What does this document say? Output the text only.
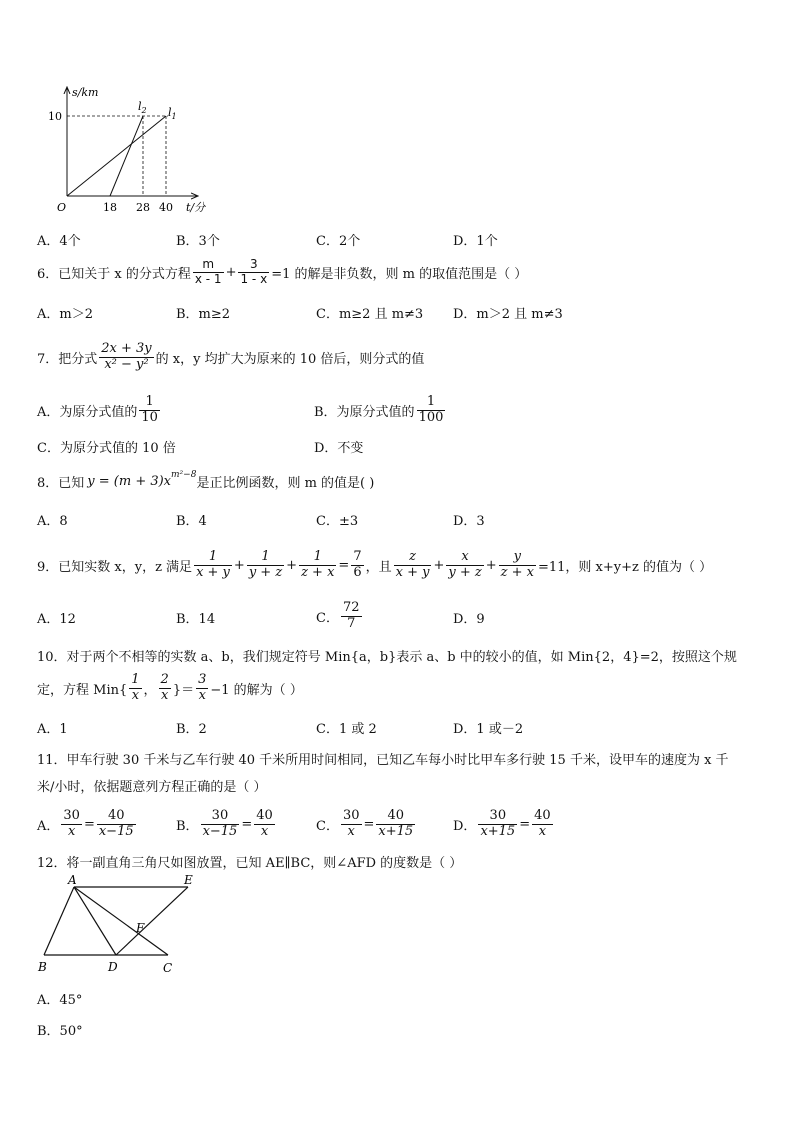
s/km
10
O	18 28 40 t/分
$l_2$ $l_1$
A．4个	B．3个	C．2个	D．1个
6．已知关于 x 的分式方程 $\frac{m}{x - 1} + \frac{3}{1 - x} =1$ 的解是非负数，则 m 的取值范围是（ ）
A．m＞2	B．m≥2	C．m≥2 且 m≠3 D．m＞2 且 m≠3
7．把分式 $\frac{2x + 3y}{\text{x² − y²}}$ 的 x，y 均扩大为原来的 10 倍后，则分式的值
A．为原分式值的 $\frac{1}{10}$	B．为原分式值的 $\frac{1}{100}$
C．为原分式值的 10 倍	D．不变
8．已知 $y = (m + 3)x^{m^2-8}$
是正比例函数，则 m 的值是( )
A．8	B．4	C．±3	D．3
9．已知实数 x，y，z 满足 $\frac{1}{x + y} + \frac{1}{y + z} + \frac{1}{z + x} = \frac{7}{6}$ ，且 $\frac{z}{x + y} + \frac{x}{y + z} + \frac{y}{z + x} =11$，则 x+y+z 的值为（ ）
A．12	B．14	C． $\frac{72}{7}$	D．9
10．对于两个不相等的实数 a、b，我们规定符号 Min{a，b}表示 a、b 中的较小的值，如 Min{2，4}=2，按照这个规
定，方程 $Min\{ \frac{1}{x}$ ， $\frac{2}{x}$ }＝ $\frac{3}{x} -1$ 的解为（ ）
A．1	B．2	C．1 或 2	D．1 或－2
11．甲车行驶 30 千米与乙车行驶 40 千米所用时间相同，已知乙车每小时比甲车多行驶 15 千米，设甲车的速度为 x 千
米/小时，依据题意列方程正确的是（ ）
A． $\frac{30}{x} = \frac{40}{x-15}$	B． $\frac{30}{x-15} = \frac{40}{x}$	C． $\frac{30}{x} = \frac{40}{x+15}$	D． $\frac{30}{x+15} = \frac{40}{x}$
12．将一副直角三角尺如图放置，已知 AE∥BC，则∠AFD 的度数是（ ）
A	E
F
B	D	C
A．45°
B．50°
